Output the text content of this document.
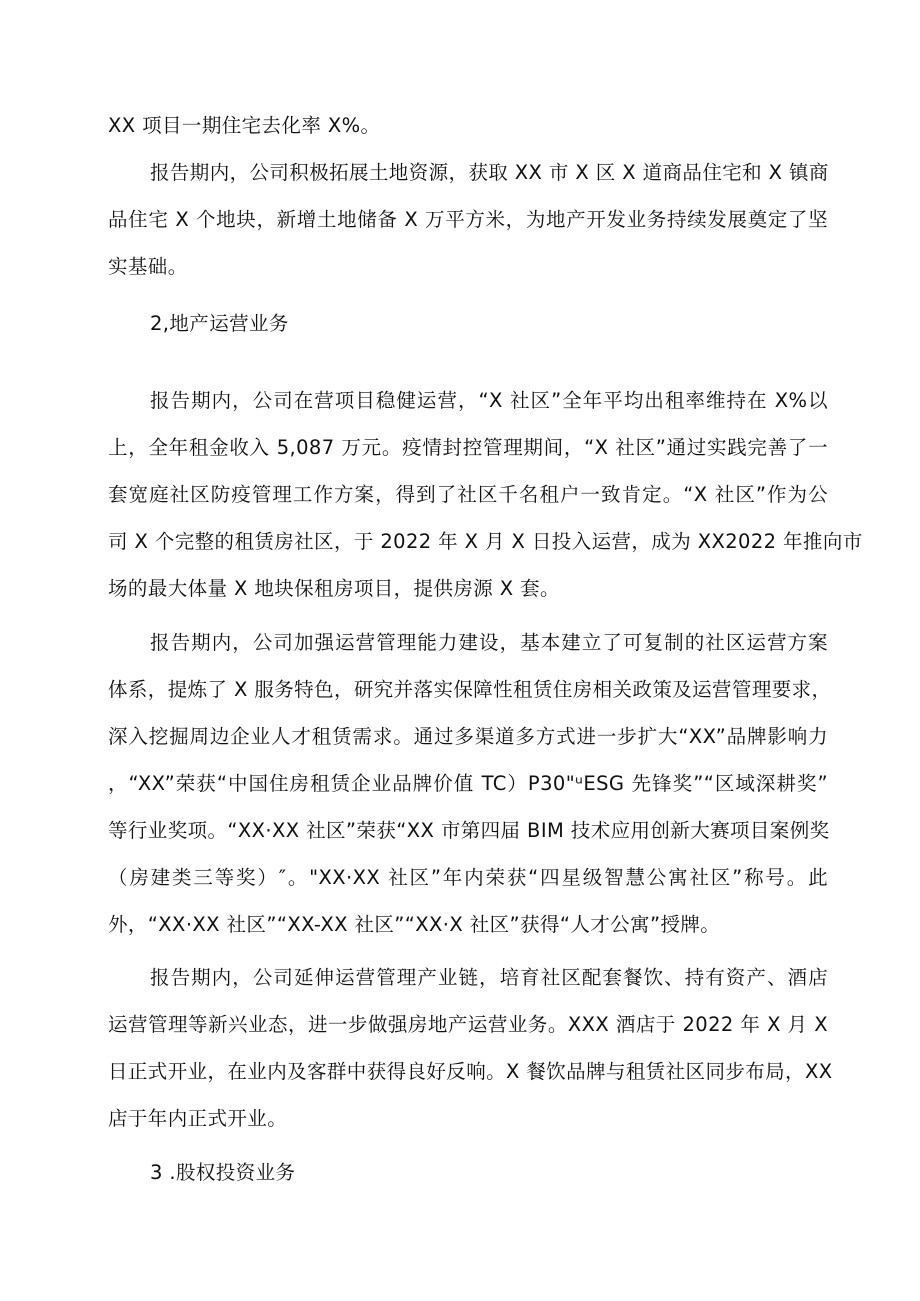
XX 项目一期住宅去化率 X%。
报告期内，公司积极拓展土地资源，获取 XX 市 X 区 X 道商品住宅和 X 镇商
品住宅 X 个地块，新增土地储备 X 万平方米，为地产开发业务持续发展奠定了坚
实基础。
2,地产运营业务
报告期内，公司在营项目稳健运营，“X 社区”全年平均出租率维持在 X%以
上，全年租金收入 5,087 万元。疫情封控管理期间，“X 社区”通过实践完善了一
套宽庭社区防疫管理工作方案，得到了社区千名租户一致肯定。“X 社区”作为公
司 X 个完整的租赁房社区，于 2022 年 X 月 X 日投入运营，成为 XX2022 年推向市
场的最大体量 X 地块保租房项目，提供房源 X 套。
报告期内，公司加强运营管理能力建设，基本建立了可复制的社区运营方案
体系，提炼了 X 服务特色，研究并落实保障性租赁住房相关政策及运营管理要求，
深入挖掘周边企业人才租赁需求。通过多渠道多方式进一步扩大“XX”品牌影响力
，“XX”荣获“中国住房租赁企业品牌价值 TC）P30"ᵘESG 先锋奖”“区域深耕奖”
等行业奖项。“XX·XX 社区”荣获“XX 市第四届 BIM 技术应用创新大赛项目案例奖
（房建类三等奖）″。"XX·XX 社区”年内荣获“四星级智慧公寓社区”称号。此
外，“XX·XX 社区”“XX-XX 社区”“XX·X 社区”获得“人才公寓”授牌。
报告期内，公司延伸运营管理产业链，培育社区配套餐饮、持有资产、酒店
运营管理等新兴业态，进一步做强房地产运营业务。XXX 酒店于 2022 年 X 月 X
日正式开业，在业内及客群中获得良好反响。X 餐饮品牌与租赁社区同步布局，XX
店于年内正式开业。
3 .股权投资业务
